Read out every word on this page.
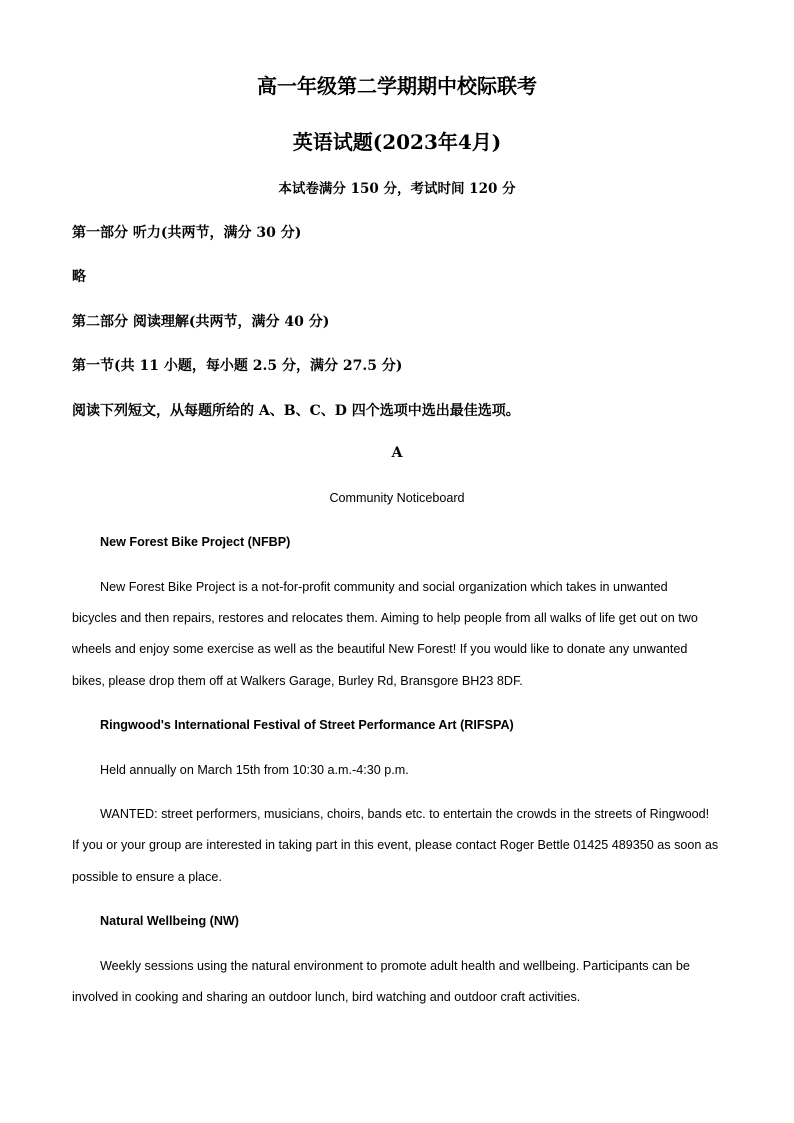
高一年级第二学期期中校际联考
英语试题(2023年4月)
本试卷满分 150 分，考试时间 120 分
第一部分 听力(共两节，满分 30 分)
略
第二部分 阅读理解(共两节，满分 40 分)
第一节(共 11 小题，每小题 2.5 分，满分 27.5 分)
阅读下列短文，从每题所给的 A、B、C、D 四个选项中选出最佳选项。
A
Community Noticeboard
New Forest Bike Project (NFBP)
New Forest Bike Project is a not-for-profit community and social organization which takes in unwanted
bicycles and then repairs, restores and relocates them. Aiming to help people from all walks of life get out on two
wheels and enjoy some exercise as well as the beautiful New Forest! If you would like to donate any unwanted
bikes, please drop them off at Walkers Garage, Burley Rd, Bransgore BH23 8DF.
Ringwood's International Festival of Street Performance Art (RIFSPA)
Held annually on March 15th from 10:30 a.m.-4:30 p.m.
WANTED: street performers, musicians, choirs, bands etc. to entertain the crowds in the streets of Ringwood!
If you or your group are interested in taking part in this event, please contact Roger Bettle 01425 489350 as soon as
possible to ensure a place.
Natural Wellbeing (NW)
Weekly sessions using the natural environment to promote adult health and wellbeing. Participants can be
involved in cooking and sharing an outdoor lunch, bird watching and outdoor craft activities.
